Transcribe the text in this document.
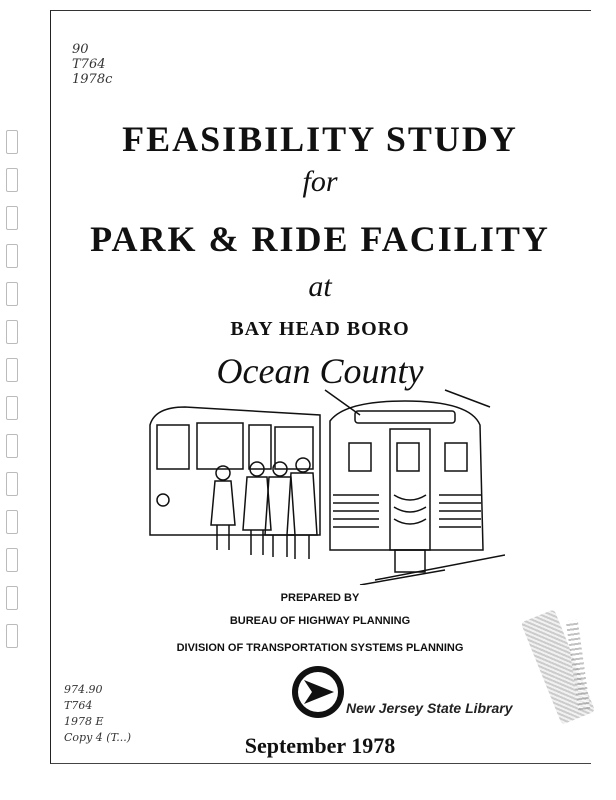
90
T764
1978c
FEASIBILITY STUDY
for
PARK & RIDE FACILITY
at
BAY HEAD BORO
Ocean County
PREPARED BY
BUREAU OF HIGHWAY PLANNING
DIVISION OF TRANSPORTATION SYSTEMS PLANNING
New Jersey State Library
974.90
T764
1978 E
Copy 4 (T...)	September 1978
